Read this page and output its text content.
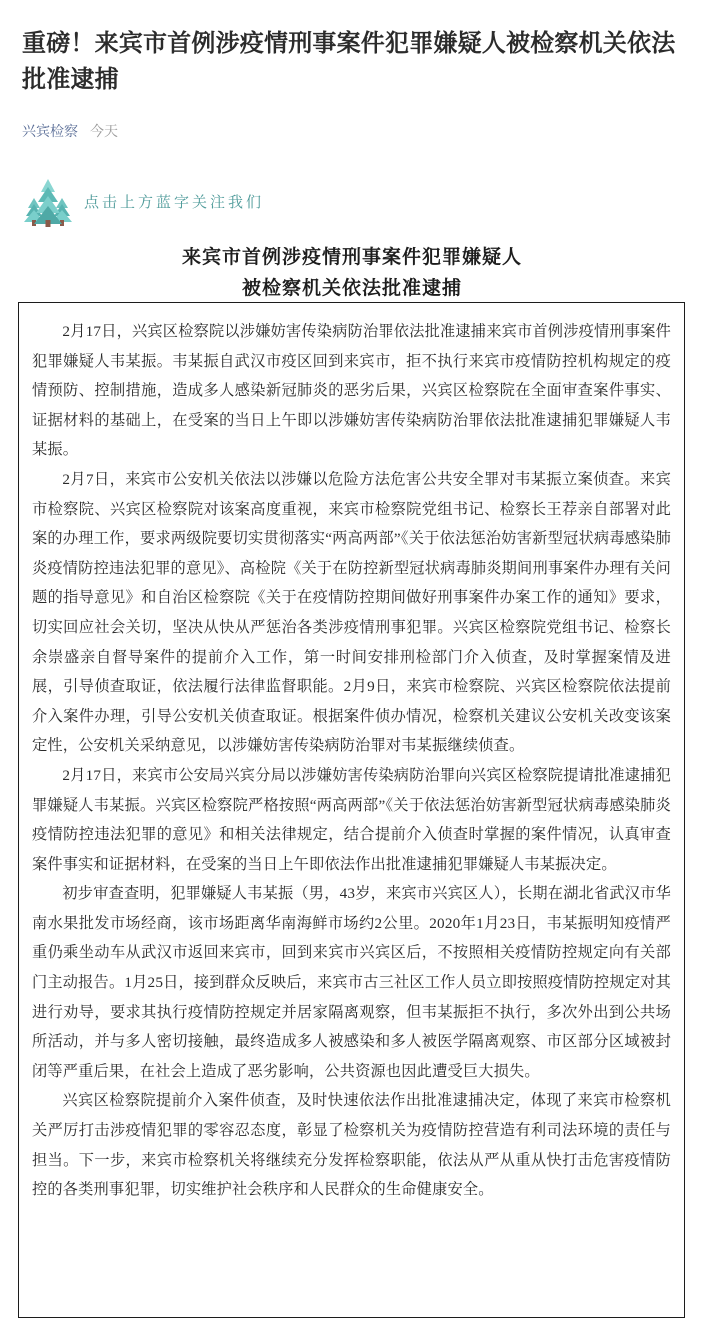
重磅！来宾市首例涉疫情刑事案件犯罪嫌疑人被检察机关依法批准逮捕
兴宾检察 今天
点击上方蓝字关注我们
来宾市首例涉疫情刑事案件犯罪嫌疑人
被检察机关依法批准逮捕

2月17日，兴宾区检察院以涉嫌妨害传染病防治罪依法批准逮捕来宾市首例涉疫情刑事案件犯罪嫌疑人韦某振。韦某振自武汉市疫区回到来宾市，拒不执行来宾市疫情防控机构规定的疫情预防、控制措施，造成多人感染新冠肺炎的恶劣后果，兴宾区检察院在全面审查案件事实、证据材料的基础上，在受案的当日上午即以涉嫌妨害传染病防治罪依法批准逮捕犯罪嫌疑人韦某振。

2月7日，来宾市公安机关依法以涉嫌以危险方法危害公共安全罪对韦某振立案侦查。来宾市检察院、兴宾区检察院对该案高度重视，来宾市检察院党组书记、检察长王荐亲自部署对此案的办理工作，要求两级院要切实贯彻落实“两高两部”《关于依法惩治妨害新型冠状病毒感染肺炎疫情防控违法犯罪的意见》、高检院《关于在防控新型冠状病毒肺炎期间刑事案件办理有关问题的指导意见》和自治区检察院《关于在疫情防控期间做好刑事案件办案工作的通知》要求，切实回应社会关切，坚决从快从严惩治各类涉疫情刑事犯罪。兴宾区检察院党组书记、检察长余崇盛亲自督导案件的提前介入工作，第一时间安排刑检部门介入侦查，及时掌握案情及进展，引导侦查取证，依法履行法律监督职能。2月9日，来宾市检察院、兴宾区检察院依法提前介入案件办理，引导公安机关侦查取证。根据案件侦办情况，检察机关建议公安机关改变该案定性，公安机关采纳意见，以涉嫌妨害传染病防治罪对韦某振继续侦查。

2月17日，来宾市公安局兴宾分局以涉嫌妨害传染病防治罪向兴宾区检察院提请批准逮捕犯罪嫌疑人韦某振。兴宾区检察院严格按照“两高两部”《关于依法惩治妨害新型冠状病毒感染肺炎疫情防控违法犯罪的意见》和相关法律规定，结合提前介入侦查时掌握的案件情况，认真审查案件事实和证据材料，在受案的当日上午即依法作出批准逮捕犯罪嫌疑人韦某振决定。

初步审查查明，犯罪嫌疑人韦某振（男，43岁，来宾市兴宾区人），长期在湖北省武汉市华南水果批发市场经商，该市场距离华南海鲜市场约2公里。2020年1月23日，韦某振明知疫情严重仍乘坐动车从武汉市返回来宾市，回到来宾市兴宾区后，不按照相关疫情防控规定向有关部门主动报告。1月25日，接到群众反映后，来宾市古三社区工作人员立即按照疫情防控规定对其进行劝导，要求其执行疫情防控规定并居家隔离观察，但韦某振拒不执行，多次外出到公共场所活动，并与多人密切接触，最终造成多人被感染和多人被医学隔离观察、市区部分区域被封闭等严重后果，在社会上造成了恶劣影响，公共资源也因此遭受巨大损失。

兴宾区检察院提前介入案件侦查，及时快速依法作出批准逮捕决定，体现了来宾市检察机关严厉打击涉疫情犯罪的零容忍态度，彰显了检察机关为疫情防控营造有利司法环境的责任与担当。下一步，来宾市检察机关将继续充分发挥检察职能，依法从严从重从快打击危害疫情防控的各类刑事犯罪，切实维护社会秩序和人民群众的生命健康安全。
